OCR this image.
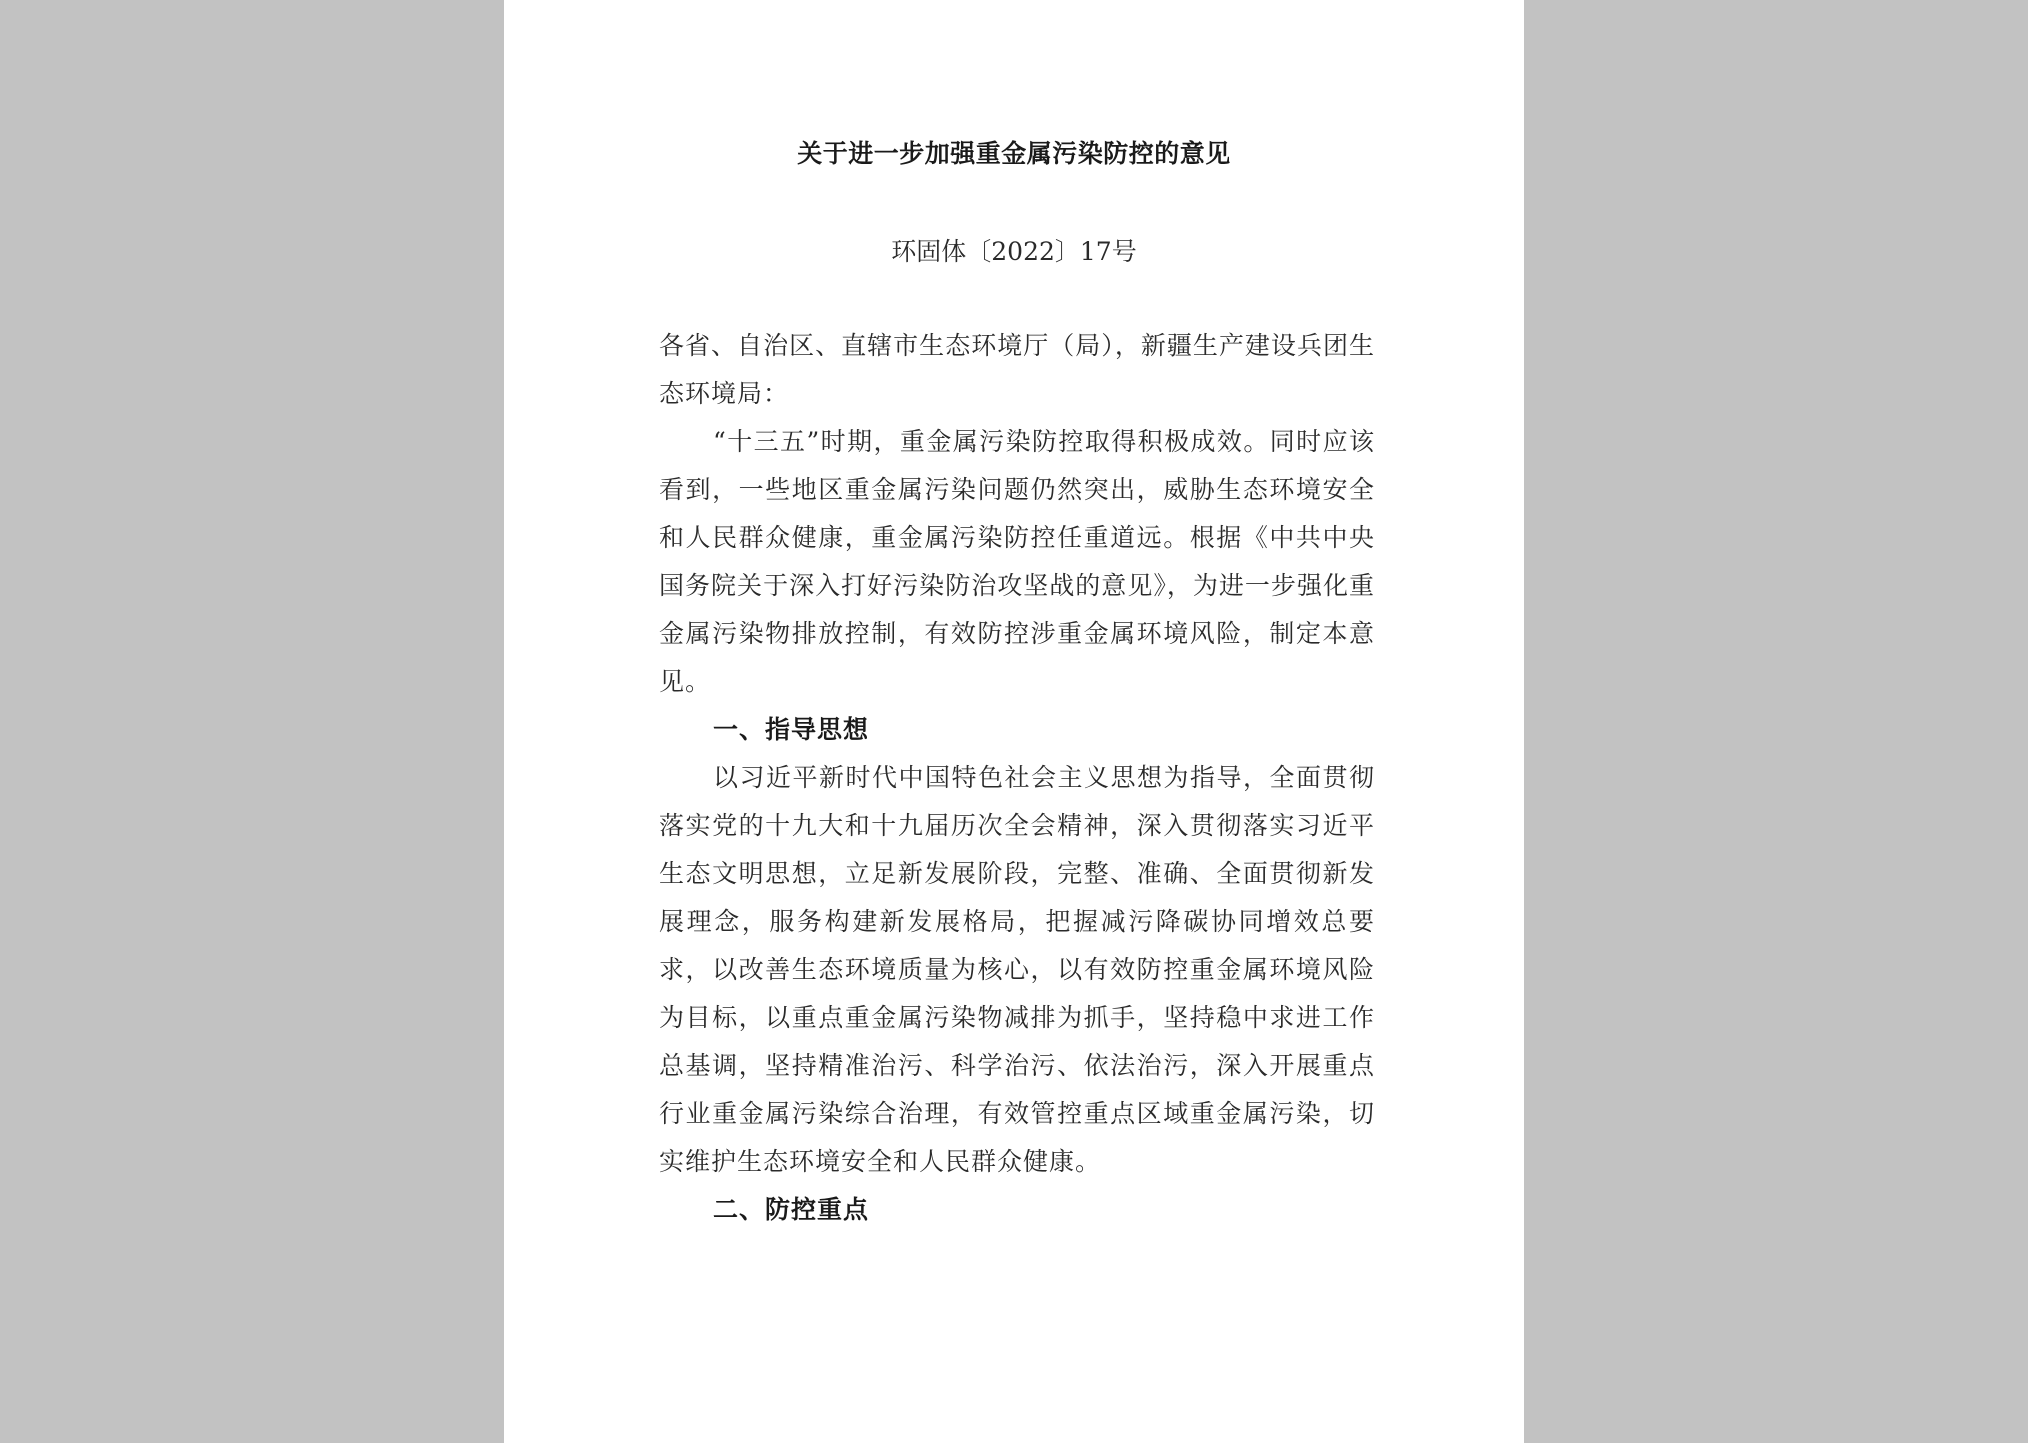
关于进一步加强重金属污染防控的意见
环固体〔2022〕17号

各省、自治区、直辖市生态环境厅（局），新疆生产建设兵团生态环境局：

“十三五”时期，重金属污染防控取得积极成效。同时应该看到，一些地区重金属污染问题仍然突出，威胁生态环境安全和人民群众健康，重金属污染防控任重道远。根据《中共中央 国务院关于深入打好污染防治攻坚战的意见》，为进一步强化重金属污染物排放控制，有效防控涉重金属环境风险，制定本意见。

一、指导思想

以习近平新时代中国特色社会主义思想为指导，全面贯彻落实党的十九大和十九届历次全会精神，深入贯彻落实习近平生态文明思想，立足新发展阶段，完整、准确、全面贯彻新发展理念，服务构建新发展格局，把握减污降碳协同增效总要求，以改善生态环境质量为核心，以有效防控重金属环境风险为目标，以重点重金属污染物减排为抓手，坚持稳中求进工作总基调，坚持精准治污、科学治污、依法治污，深入开展重点行业重金属污染综合治理，有效管控重点区域重金属污染，切实维护生态环境安全和人民群众健康。

二、防控重点
